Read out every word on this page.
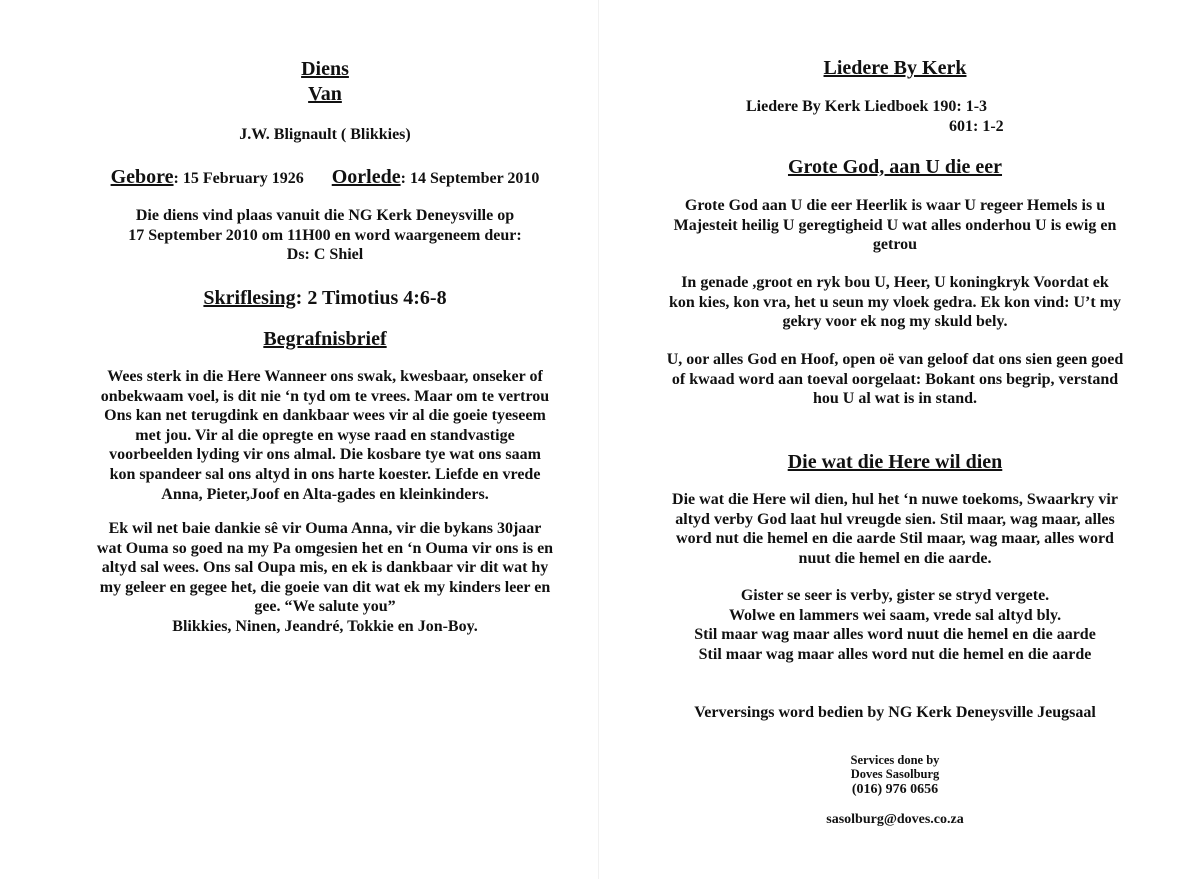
Diens
Van
J.W. Blignault ( Blikkies)
Gebore: 15 February 1926 Oorlede: 14 September 2010
Die diens vind plaas vanuit die NG Kerk Deneysville op
17 September 2010 om 11H00 en word waargeneem deur:
Ds: C Shiel
Skriflesing: 2 Timotius 4:6-8
Begrafnisbrief
Wees sterk in die Here Wanneer ons swak, kwesbaar, onseker of
onbekwaam voel, is dit nie ‘n tyd om te vrees. Maar om te vertrou
Ons kan net terugdink en dankbaar wees vir al die goeie tyeseem
met jou. Vir al die opregte en wyse raad en standvastige
voorbeelden lyding vir ons almal. Die kosbare tye wat ons saam
kon spandeer sal ons altyd in ons harte koester. Liefde en vrede
Anna, Pieter,Joof en Alta-gades en kleinkinders.
Ek wil net baie dankie sê vir Ouma Anna, vir die bykans 30jaar
wat Ouma so goed na my Pa omgesien het en ‘n Ouma vir ons is en
altyd sal wees. Ons sal Oupa mis, en ek is dankbaar vir dit wat hy
my geleer en gegee het, die goeie van dit wat ek my kinders leer en
gee. “We salute you”
Blikkies, Ninen, Jeandré, Tokkie en Jon-Boy.
Liedere By Kerk
Liedere By Kerk Liedboek 190: 1-3
601: 1-2
Grote God, aan U die eer
Grote God aan U die eer Heerlik is waar U regeer Hemels is u
Majesteit heilig U geregtigheid U wat alles onderhou U is ewig en
getrou
In genade ,groot en ryk bou U, Heer, U koningkryk Voordat ek
kon kies, kon vra, het u seun my vloek gedra. Ek kon vind: U’t my
gekry voor ek nog my skuld bely.
U, oor alles God en Hoof, open oë van geloof dat ons sien geen goed
of kwaad word aan toeval oorgelaat: Bokant ons begrip, verstand
hou U al wat is in stand.
Die wat die Here wil dien
Die wat die Here wil dien, hul het ‘n nuwe toekoms, Swaarkry vir
altyd verby God laat hul vreugde sien. Stil maar, wag maar, alles
word nut die hemel en die aarde Stil maar, wag maar, alles word
nuut die hemel en die aarde.
Gister se seer is verby, gister se stryd vergete.
Wolwe en lammers wei saam, vrede sal altyd bly.
Stil maar wag maar alles word nuut die hemel en die aarde
Stil maar wag maar alles word nut die hemel en die aarde
Verversings word bedien by NG Kerk Deneysville Jeugsaal
Services done by
Doves Sasolburg
(016) 976 0656
sasolburg@doves.co.za
